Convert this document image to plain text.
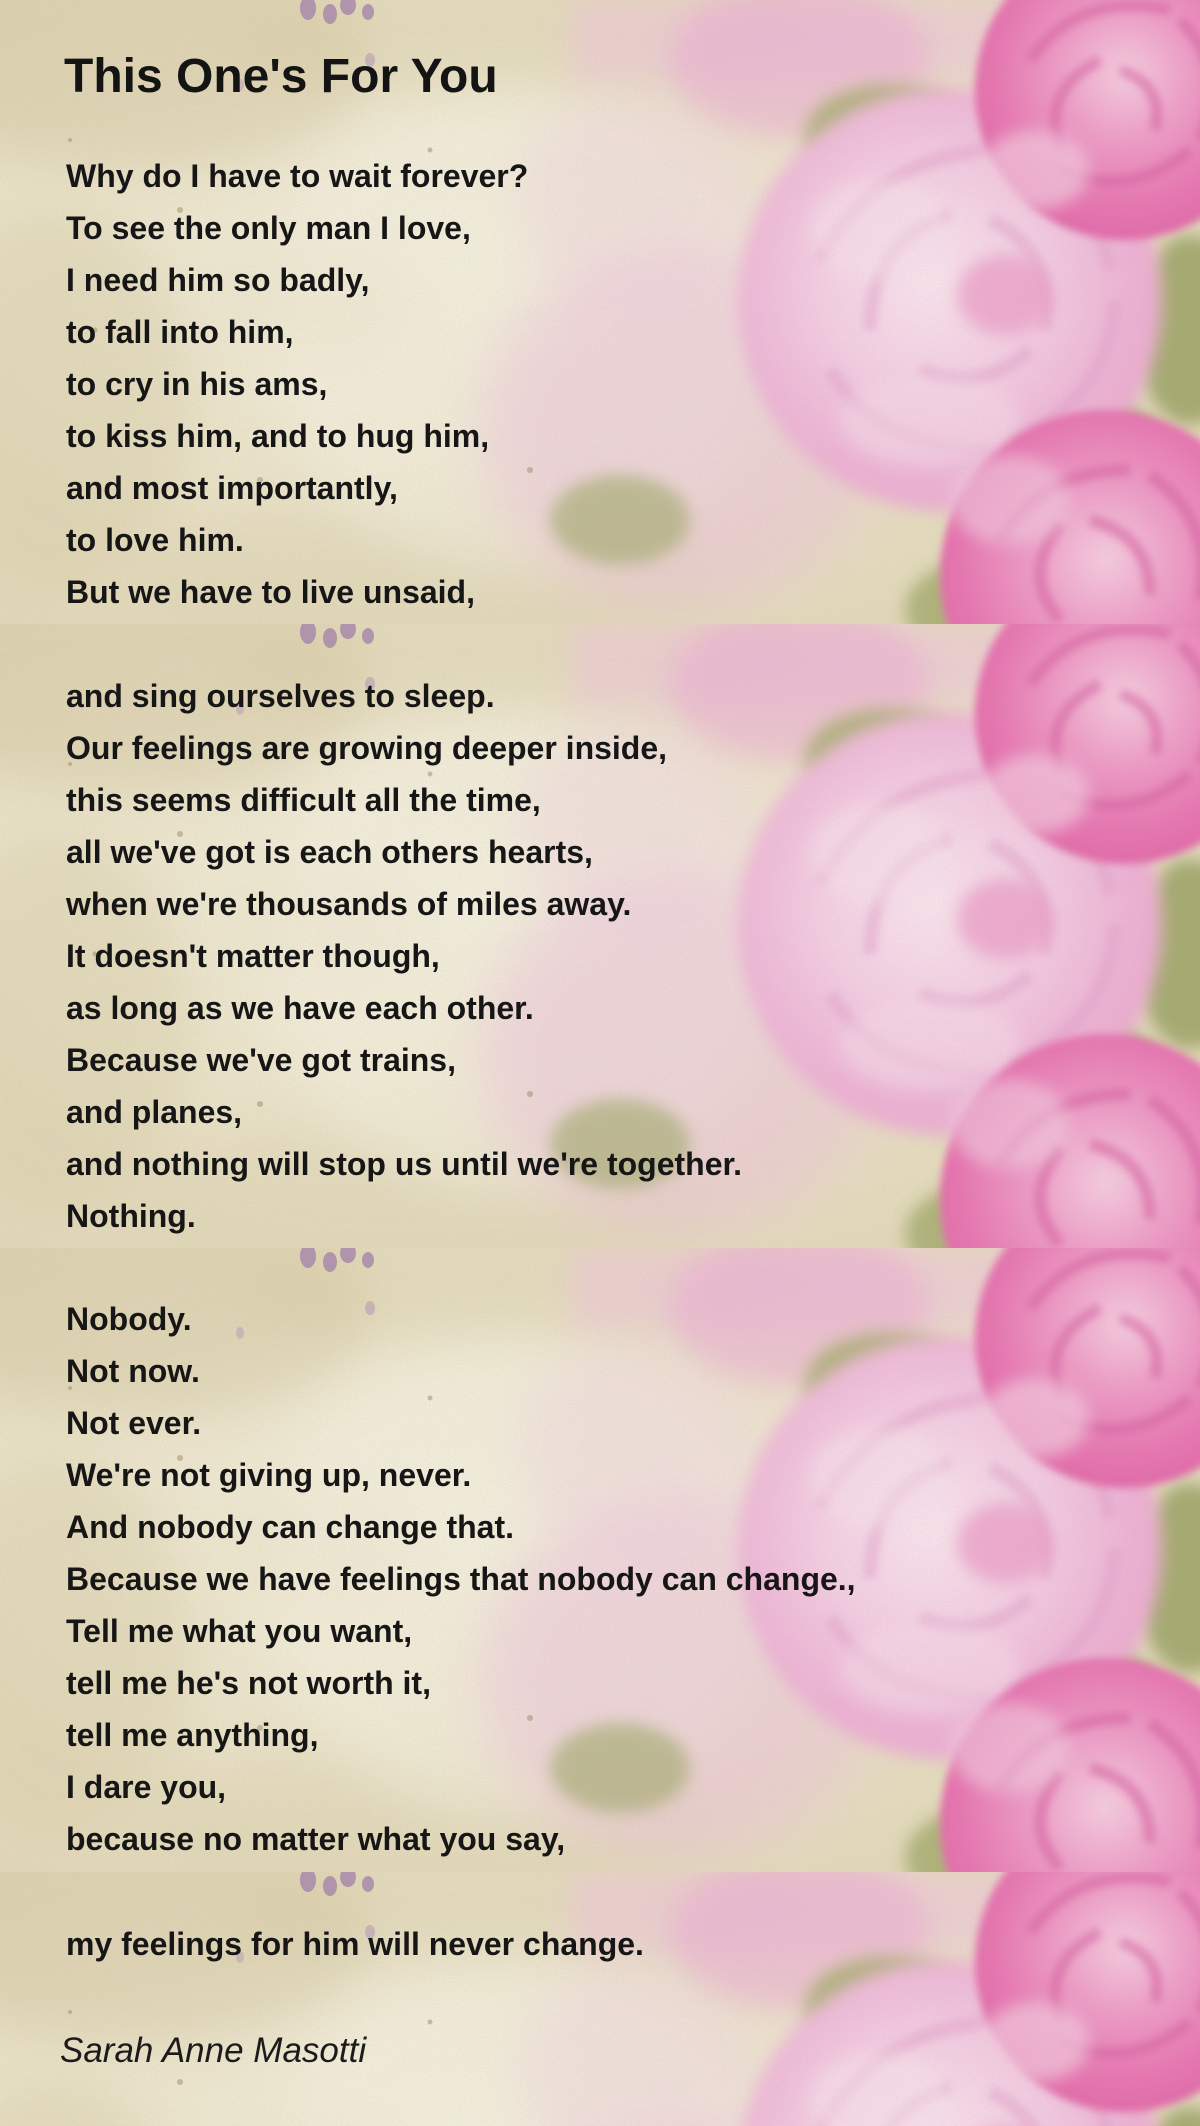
This One's For You
Why do I have to wait forever?
To see the only man I love,
I need him so badly,
to fall into him,
to cry in his ams,
to kiss him, and to hug him,
and most importantly,
to love him.
But we have to live unsaid,
and sing ourselves to sleep.
Our feelings are growing deeper inside,
this seems difficult all the time,
all we've got is each others hearts,
when we're thousands of miles away.
It doesn't matter though,
as long as we have each other.
Because we've got trains,
and planes,
and nothing will stop us until we're together.
Nothing.
Nobody.
Not now.
Not ever.
We're not giving up, never.
And nobody can change that.
Because we have feelings that nobody can change.,
Tell me what you want,
tell me he's not worth it,
tell me anything,
I dare you,
because no matter what you say,
my feelings for him will never change.
Sarah Anne Masotti
